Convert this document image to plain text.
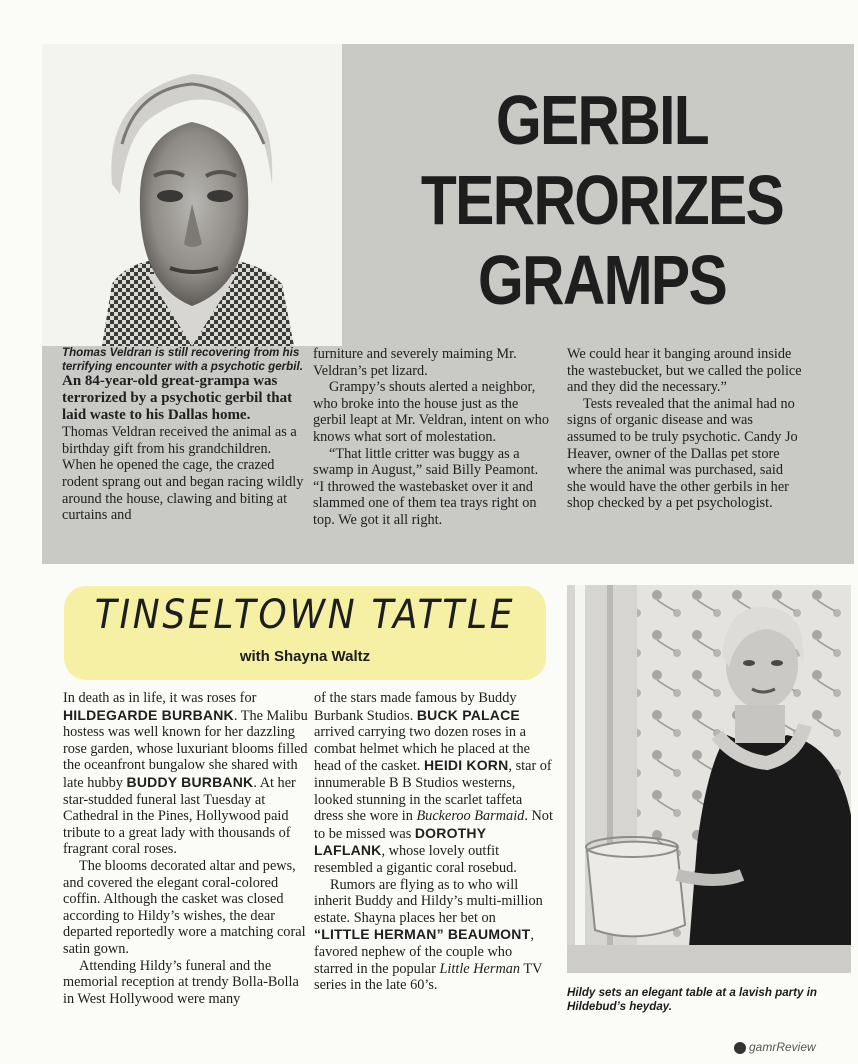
GERBIL
TERRORIZES
GRAMPS

Thomas Veldran is still recovering from his terrifying encounter with a psychotic gerbil.

An 84-year-old great-grampa was terrorized by a psychotic gerbil that laid waste to his Dallas home.

Thomas Veldran received the animal as a birthday gift from his grandchildren. When he opened the cage, the crazed rodent sprang out and began racing wildly around the house, clawing and biting at curtains and

furniture and severely maiming Mr. Veldran’s pet lizard.

Grampy’s shouts alerted a neighbor, who broke into the house just as the gerbil leapt at Mr. Veldran, intent on who knows what sort of molestation.

“That little critter was buggy as a swamp in August,” said Billy Peamont. “I throwed the wastebasket over it and slammed one of them tea trays right on top. We got it all right.

We could hear it banging around inside the wastebucket, but we called the police and they did the necessary.”

Tests revealed that the animal had no signs of organic disease and was assumed to be truly psychotic. Candy Jo Heaver, owner of the Dallas pet store where the animal was purchased, said she would have the other gerbils in her shop checked by a pet psychologist.

TINSELTOWN TATTLE
with Shayna Waltz

In death as in life, it was roses for HILDEGARDE BURBANK. The Malibu hostess was well known for her dazzling rose garden, whose luxuriant blooms filled the oceanfront bungalow she shared with late hubby BUDDY BURBANK. At her star-studded funeral last Tuesday at Cathedral in the Pines, Hollywood paid tribute to a great lady with thousands of fragrant coral roses.

The blooms decorated altar and pews, and covered the elegant coral-colored coffin. Although the casket was closed according to Hildy’s wishes, the dear departed reportedly wore a matching coral satin gown.

Attending Hildy’s funeral and the memorial reception at trendy Bolla-Bolla in West Hollywood were many

of the stars made famous by Buddy Burbank Studios. BUCK PALACE arrived carrying two dozen roses in a combat helmet which he placed at the head of the casket. HEIDI KORN, star of innumerable B B Studios westerns, looked stunning in the scarlet taffeta dress she wore in Buckeroo Barmaid. Not to be missed was DOROTHY LAFLANK, whose lovely outfit resembled a gigantic coral rosebud.

Rumors are flying as to who will inherit Buddy and Hildy’s multi-million estate. Shayna places her bet on “LITTLE HERMAN” BEAUMONT, favored nephew of the couple who starred in the popular Little Herman TV series in the late 60’s.	Hildy sets an elegant table at a lavish party in Hildebud’s heyday.
gamrReview
